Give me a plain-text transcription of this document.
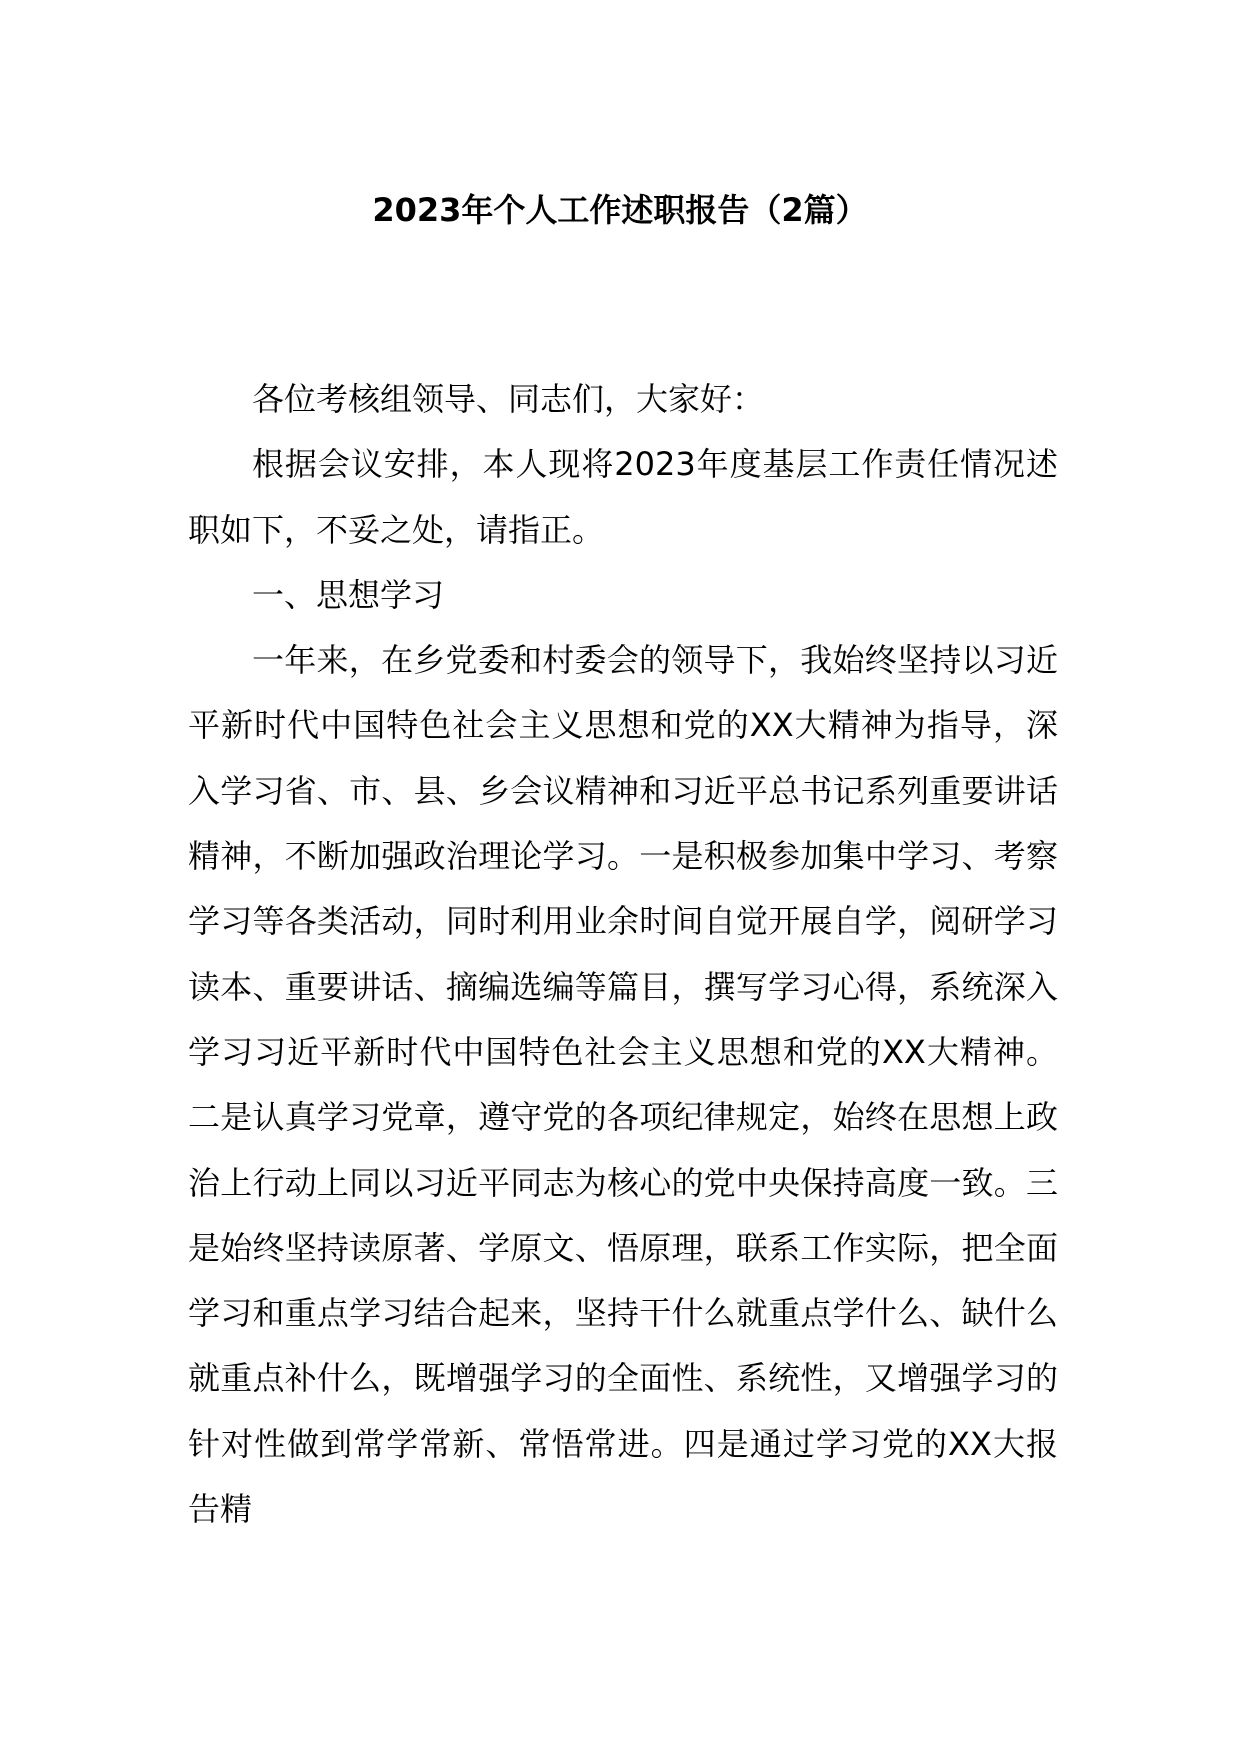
2023年个人工作述职报告（2篇）

各位考核组领导、同志们，大家好：

根据会议安排，本人现将2023年度基层工作责任情况述职如下，不妥之处，请指正。

一、思想学习

一年来，在乡党委和村委会的领导下，我始终坚持以习近平新时代中国特色社会主义思想和党的XX大精神为指导，深入学习省、市、县、乡会议精神和习近平总书记系列重要讲话精神，不断加强政治理论学习。一是积极参加集中学习、考察学习等各类活动，同时利用业余时间自觉开展自学，阅研学习读本、重要讲话、摘编选编等篇目，撰写学习心得，系统深入学习习近平新时代中国特色社会主义思想和党的XX大精神。二是认真学习党章，遵守党的各项纪律规定，始终在思想上政治上行动上同以习近平同志为核心的党中央保持高度一致。三是始终坚持读原著、学原文、悟原理，联系工作实际，把全面学习和重点学习结合起来，坚持干什么就重点学什么、缺什么就重点补什么，既增强学习的全面性、系统性，又增强学习的针对性做到常学常新、常悟常进。四是通过学习党的XX大报告精
